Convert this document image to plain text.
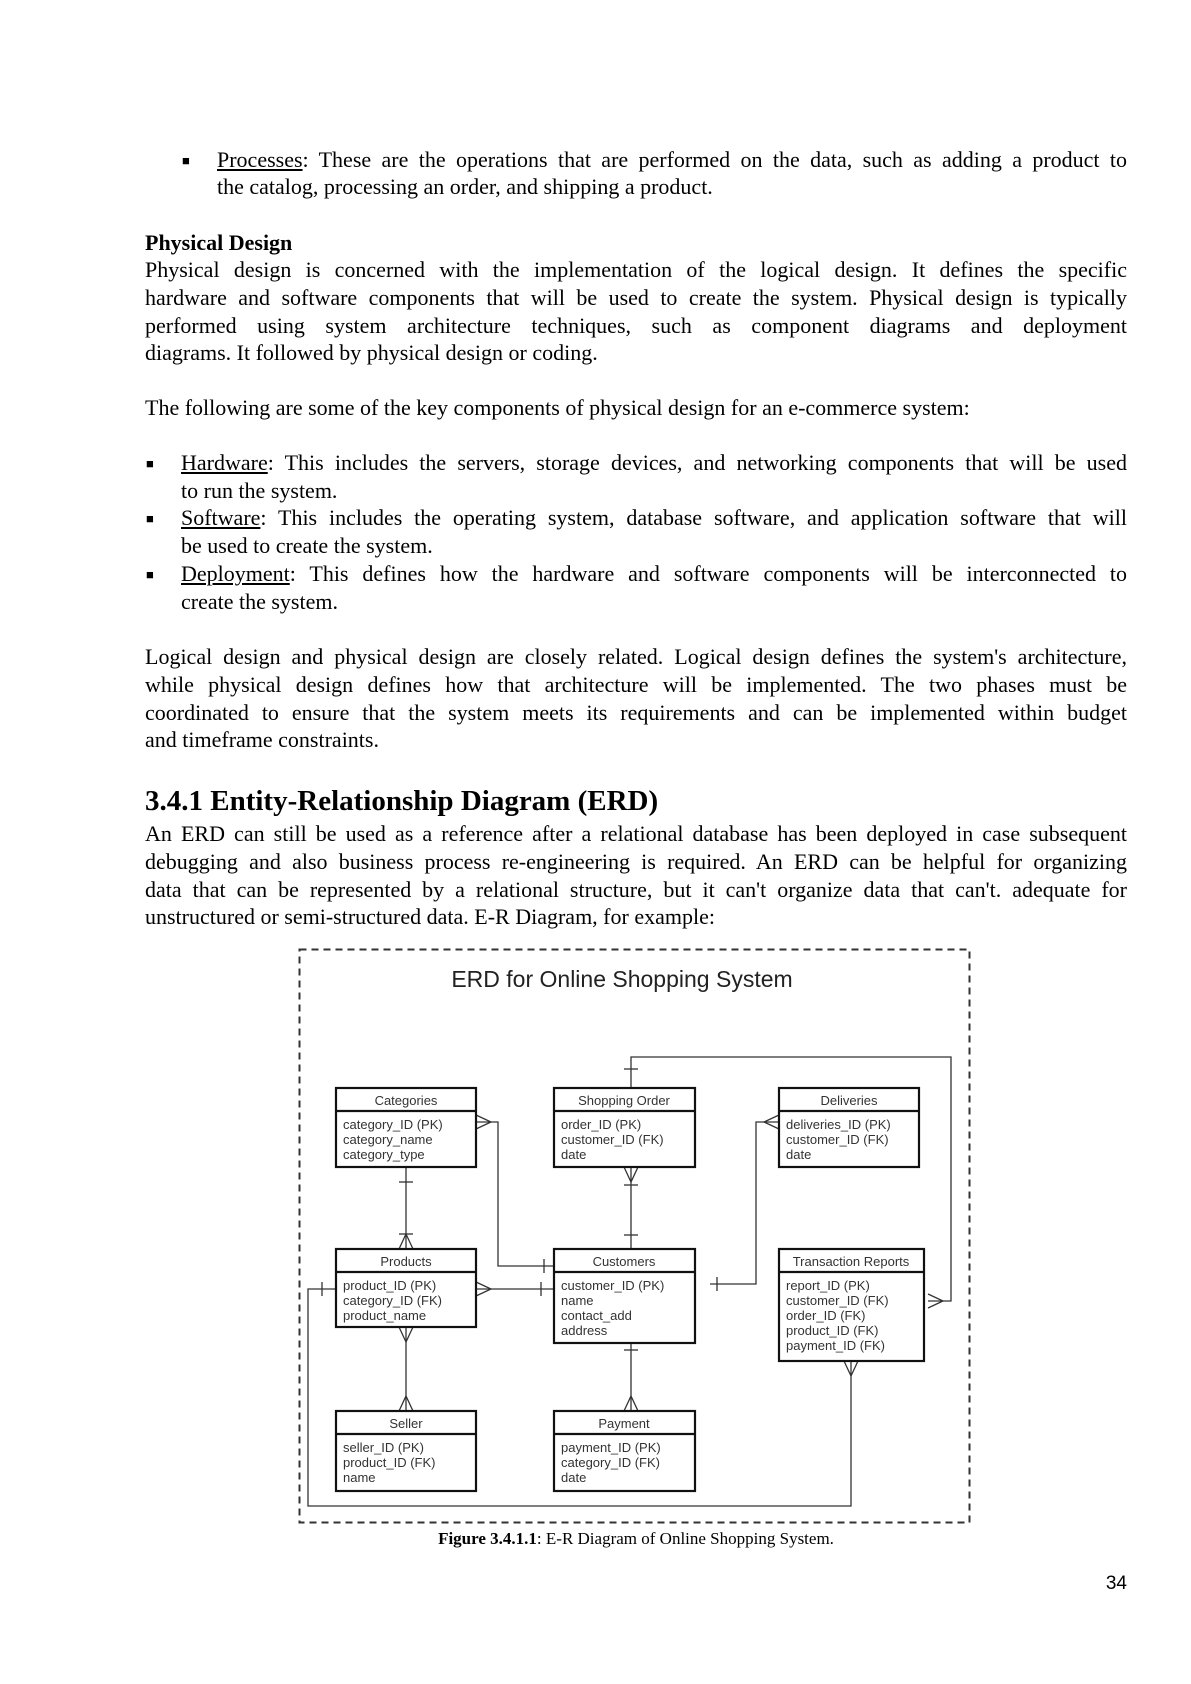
■ Processes: These are the operations that are performed on the data, such as adding a product to
the catalog, processing an order, and shipping a product.
Physical Design
Physical design is concerned with the implementation of the logical design. It defines the specific
hardware and software components that will be used to create the system. Physical design is typically
performed using system architecture techniques, such as component diagrams and deployment
diagrams. It followed by physical design or coding.
The following are some of the key components of physical design for an e-commerce system:
■ Hardware: This includes the servers, storage devices, and networking components that will be used
to run the system.
■ Software: This includes the operating system, database software, and application software that will
be used to create the system.
■ Deployment: This defines how the hardware and software components will be interconnected to
create the system.
Logical design and physical design are closely related. Logical design defines the system's architecture,
while physical design defines how that architecture will be implemented. The two phases must be
coordinated to ensure that the system meets its requirements and can be implemented within budget
and timeframe constraints.
3.4.1 Entity-Relationship Diagram (ERD)
An ERD can still be used as a reference after a relational database has been deployed in case subsequent
debugging and also business process re-engineering is required. An ERD can be helpful for organizing
data that can be represented by a relational structure, but it can't organize data that can't. adequate for
unstructured or semi-structured data. E-R Diagram, for example:
ERD for Online Shopping System
Categories
category_ID (PK)
category_name
category_type
Shopping Order
order_ID (PK)
customer_ID (FK)
date
Deliveries
deliveries_ID (PK)
customer_ID (FK)
date
Products
product_ID (PK)
category_ID (FK)
product_name
Customers
customer_ID (PK)
name
contact_add
address
Transaction Reports
report_ID (PK)
customer_ID (FK)
order_ID (FK)
product_ID (FK)
payment_ID (FK)
Seller
seller_ID (PK)
product_ID (FK)
name
Payment
payment_ID (PK)
category_ID (FK)
date
Figure 3.4.1.1: E-R Diagram of Online Shopping System.
34
